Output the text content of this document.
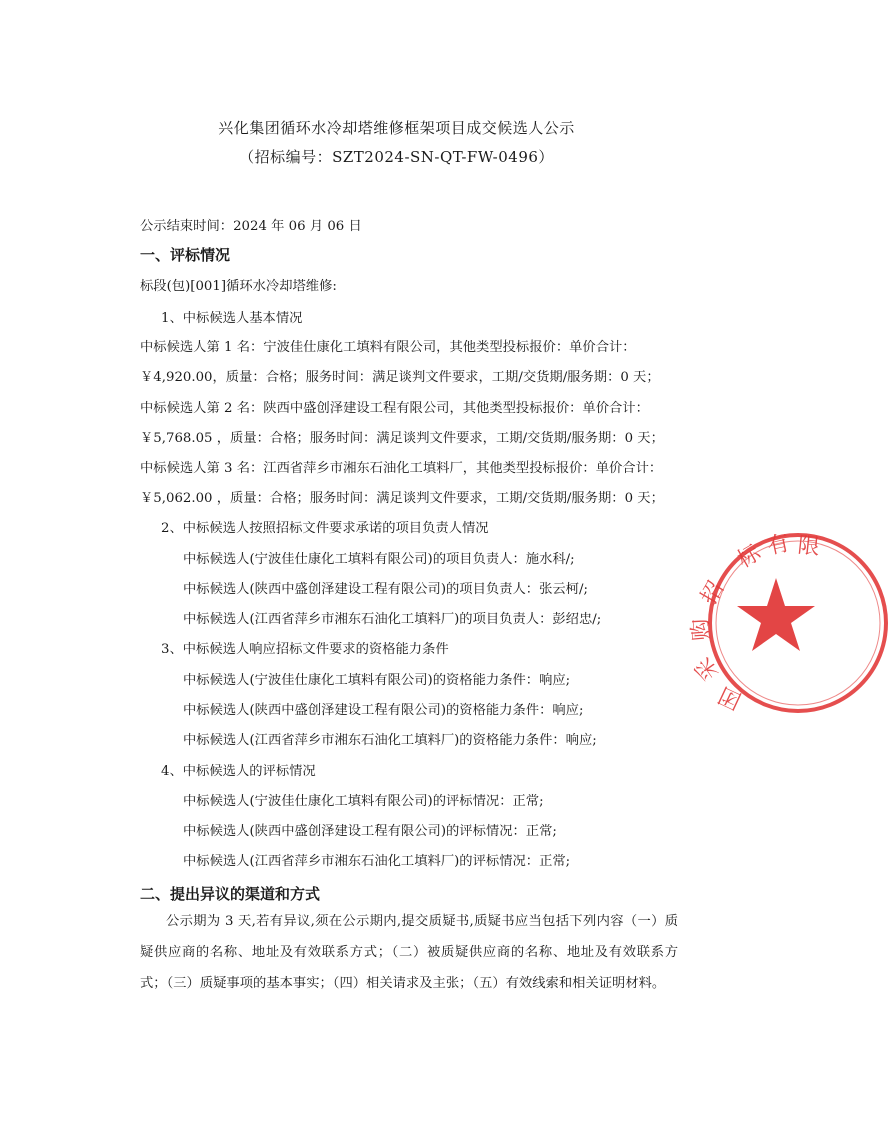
兴化集团循环水冷却塔维修框架项目成交候选人公示
（招标编号：SZT2024-SN-QT-FW-0496）
公示结束时间：2024 年 06 月 06 日
一、评标情况
标段(包)[001]循环水冷却塔维修:
1、中标候选人基本情况
中标候选人第 1 名：宁波佳仕康化工填料有限公司，其他类型投标报价：单价合计：
￥4,920.00，质量：合格；服务时间：满足谈判文件要求，工期/交货期/服务期：0 天；
中标候选人第 2 名：陕西中盛创泽建设工程有限公司，其他类型投标报价：单价合计：
￥5,768.05 ，质量：合格；服务时间：满足谈判文件要求，工期/交货期/服务期：0 天；
中标候选人第 3 名：江西省萍乡市湘东石油化工填料厂，其他类型投标报价：单价合计：
￥5,062.00 ，质量：合格；服务时间：满足谈判文件要求，工期/交货期/服务期：0 天；
2、中标候选人按照招标文件要求承诺的项目负责人情况
中标候选人(宁波佳仕康化工填料有限公司)的项目负责人：施水科/;
中标候选人(陕西中盛创泽建设工程有限公司)的项目负责人：张云柯/;
中标候选人(江西省萍乡市湘东石油化工填料厂)的项目负责人：彭绍忠/;
3、中标候选人响应招标文件要求的资格能力条件
中标候选人(宁波佳仕康化工填料有限公司)的资格能力条件：响应;
中标候选人(陕西中盛创泽建设工程有限公司)的资格能力条件：响应;
中标候选人(江西省萍乡市湘东石油化工填料厂)的资格能力条件：响应;
4、中标候选人的评标情况
中标候选人(宁波佳仕康化工填料有限公司)的评标情况：正常;
中标候选人(陕西中盛创泽建设工程有限公司)的评标情况：正常;
中标候选人(江西省萍乡市湘东石油化工填料厂)的评标情况：正常;
二、提出异议的渠道和方式
公示期为 3 天,若有异议,须在公示期内,提交质疑书,质疑书应当包括下列内容（一）质疑供应商的名称、地址及有效联系方式；（二）被质疑供应商的名称、地址及有效联系方式；（三）质疑事项的基本事实；（四）相关请求及主张；（五）有效线索和相关证明材料。
标 有 限
招
购
采
团
